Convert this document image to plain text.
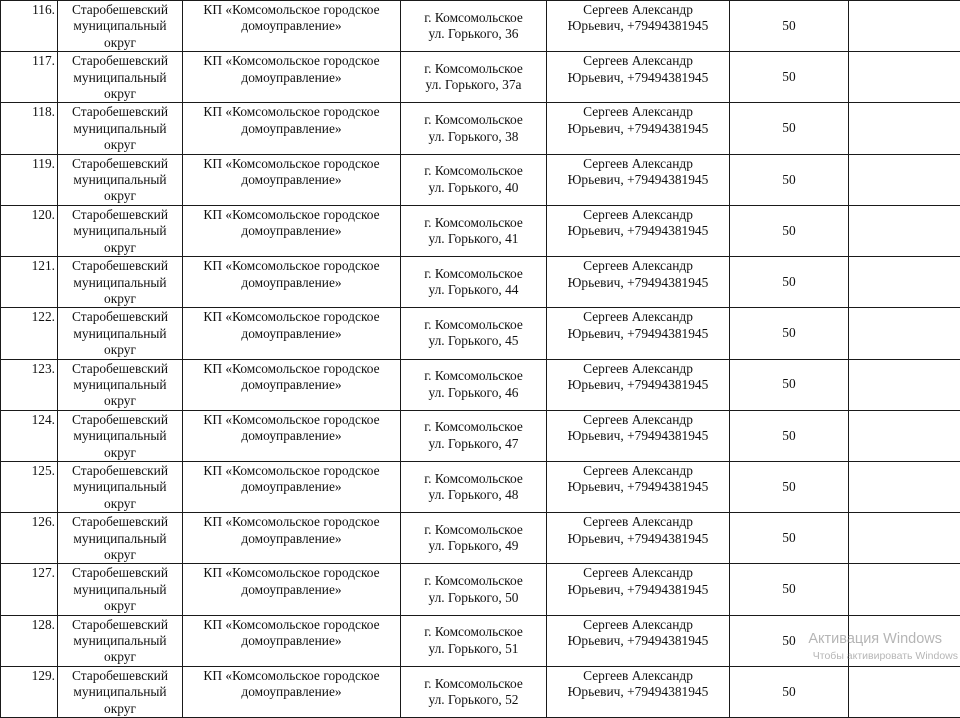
116.	Старобешевский
муниципальный
округ	КП «Комсомольское городское
домоуправление»	г. Комсомольское
ул. Горького, 36	Сергеев Александр
Юрьевич, +79494381945	50	
117.	Старобешевский
муниципальный
округ	КП «Комсомольское городское
домоуправление»	г. Комсомольское
ул. Горького, 37а	Сергеев Александр
Юрьевич, +79494381945	50	
118.	Старобешевский
муниципальный
округ	КП «Комсомольское городское
домоуправление»	г. Комсомольское
ул. Горького, 38	Сергеев Александр
Юрьевич, +79494381945	50	
119.	Старобешевский
муниципальный
округ	КП «Комсомольское городское
домоуправление»	г. Комсомольское
ул. Горького, 40	Сергеев Александр
Юрьевич, +79494381945	50	
120.	Старобешевский
муниципальный
округ	КП «Комсомольское городское
домоуправление»	г. Комсомольское
ул. Горького, 41	Сергеев Александр
Юрьевич, +79494381945	50	
121.	Старобешевский
муниципальный
округ	КП «Комсомольское городское
домоуправление»	г. Комсомольское
ул. Горького, 44	Сергеев Александр
Юрьевич, +79494381945	50	
122.	Старобешевский
муниципальный
округ	КП «Комсомольское городское
домоуправление»	г. Комсомольское
ул. Горького, 45	Сергеев Александр
Юрьевич, +79494381945	50	
123.	Старобешевский
муниципальный
округ	КП «Комсомольское городское
домоуправление»	г. Комсомольское
ул. Горького, 46	Сергеев Александр
Юрьевич, +79494381945	50	
124.	Старобешевский
муниципальный
округ	КП «Комсомольское городское
домоуправление»	г. Комсомольское
ул. Горького, 47	Сергеев Александр
Юрьевич, +79494381945	50	
125.	Старобешевский
муниципальный
округ	КП «Комсомольское городское
домоуправление»	г. Комсомольское
ул. Горького, 48	Сергеев Александр
Юрьевич, +79494381945	50	
126.	Старобешевский
муниципальный
округ	КП «Комсомольское городское
домоуправление»	г. Комсомольское
ул. Горького, 49	Сергеев Александр
Юрьевич, +79494381945	50	
127.	Старобешевский
муниципальный
округ	КП «Комсомольское городское
домоуправление»	г. Комсомольское
ул. Горького, 50	Сергеев Александр
Юрьевич, +79494381945	50	
128.	Старобешевский
муниципальный
округ	КП «Комсомольское городское
домоуправление»	г. Комсомольское
ул. Горького, 51	Сергеев Александр
Юрьевич, +79494381945	50	
129.	Старобешевский
муниципальный
округ	КП «Комсомольское городское
домоуправление»	г. Комсомольское
ул. Горького, 52	Сергеев Александр
Юрьевич, +79494381945	50	
Активация Windows
Чтобы активировать Windows
